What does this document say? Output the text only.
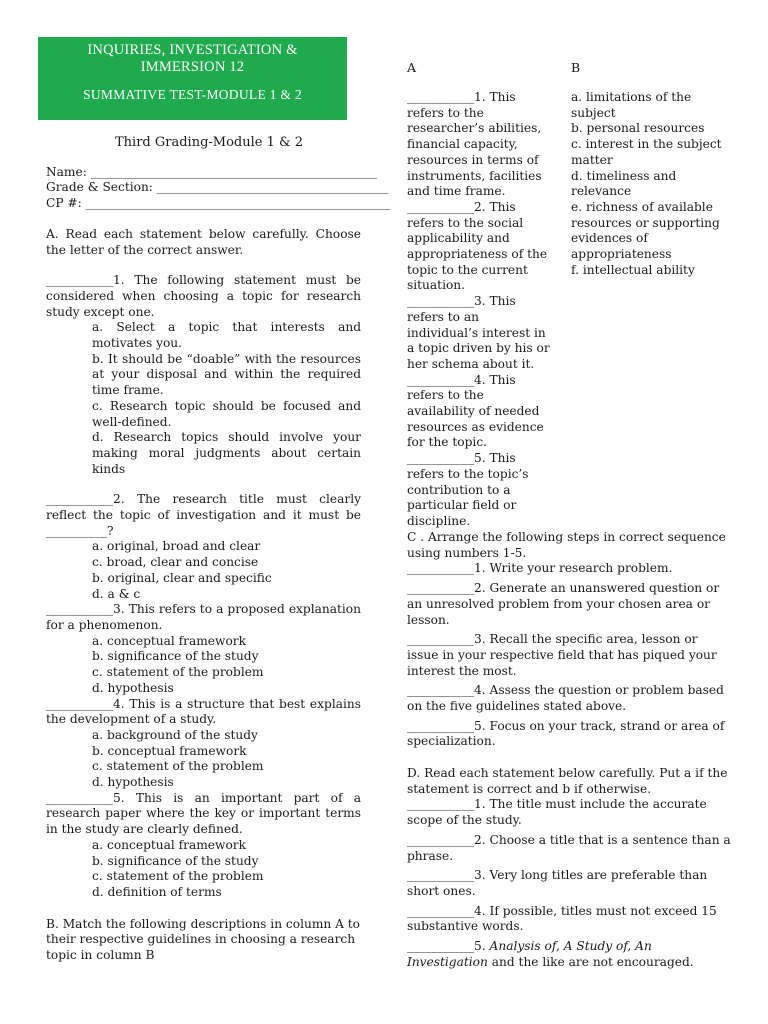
INQUIRIES, INVESTIGATION &
IMMERSION 12
SUMMATIVE TEST-MODULE 1 & 2
Third Grading-Module 1 & 2
Name: _______________________________________________
Grade & Section: ______________________________________
CP #: __________________________________________________
A. Read each statement below carefully. Choose the letter of the correct answer.
___________1. The following statement must be considered when choosing a topic for research study except one.
a. Select a topic that interests and motivates you.
b. It should be “doable” with the resources at your disposal and within the required time frame.
c. Research topic should be focused and well-defined.
d. Research topics should involve your making moral judgments about certain kinds
___________2. The research title must clearly reflect the topic of investigation and it must be __________?
a. original, broad and clear
c. broad, clear and concise
b. original, clear and specific
d. a & c
___________3. This refers to a proposed explanation for a phenomenon.
a. conceptual framework
b. significance of the study
c. statement of the problem
d. hypothesis
___________4. This is a structure that best explains the development of a study.
a. background of the study
b. conceptual framework
c. statement of the problem
d. hypothesis
___________5. This is an important part of a research paper where the key or important terms in the study are clearly defined.
a. conceptual framework
b. significance of the study
c. statement of the problem
d. definition of terms
B. Match the following descriptions in column A to their respective guidelines in choosing a research topic in column B
A	B
___________1. This refers to the researcher’s abilities, financial capacity, resources in terms of instruments, facilities and time frame.
___________2. This refers to the social applicability and appropriateness of the topic to the current situation.
___________3. This refers to an individual’s interest in a topic driven by his or her schema about it.
___________4. This refers to the availability of needed resources as evidence for the topic.
___________5. This refers to the topic’s contribution to a particular field or discipline.
a. limitations of the subject
b. personal resources
c. interest in the subject matter
d. timeliness and relevance
e. richness of available resources or supporting evidences of appropriateness
f. intellectual ability
C . Arrange the following steps in correct sequence using numbers 1-5.
___________1. Write your research problem.
___________2. Generate an unanswered question or an unresolved problem from your chosen area or lesson.
___________3. Recall the specific area, lesson or issue in your respective field that has piqued your interest the most.
___________4. Assess the question or problem based on the five guidelines stated above.
___________5. Focus on your track, strand or area of specialization.
D. Read each statement below carefully. Put a if the statement is correct and b if otherwise.
___________1. The title must include the accurate scope of the study.
___________2. Choose a title that is a sentence than a phrase.
___________3. Very long titles are preferable than short ones.
___________4. If possible, titles must not exceed 15 substantive words.
___________5. Analysis of, A Study of, An Investigation and the like are not encouraged.
